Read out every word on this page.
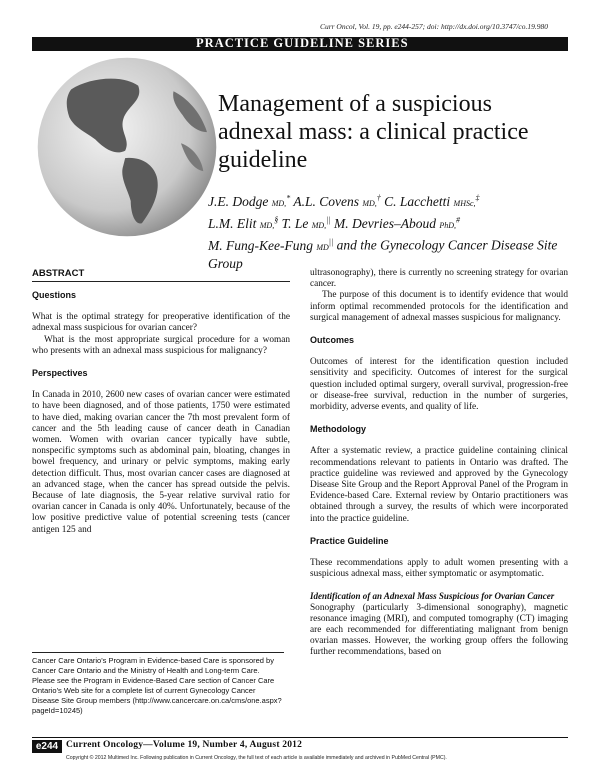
Curr Oncol, Vol. 19, pp. e244-257; doi: http://dx.doi.org/10.3747/co.19.980
PRACTICE GUIDELINE SERIES
Management of a suspicious adnexal mass: a clinical practice guideline
J.E. Dodge MD,* A.L. Covens MD,† C. Lacchetti MHSc,‡
L.M. Elit MD,§ T. Le MD,|| M. Devries–Aboud PhD,#
M. Fung-Kee-Fung MD|| and the Gynecology Cancer Disease Site Group
ABSTRACT

Questions

What is the optimal strategy for preoperative identification of the adnexal mass suspicious for ovarian cancer?

What is the most appropriate surgical procedure for a woman who presents with an adnexal mass suspicious for malignancy?

Perspectives

In Canada in 2010, 2600 new cases of ovarian cancer were estimated to have been diagnosed, and of those patients, 1750 were estimated to have died, making ovarian cancer the 7th most prevalent form of cancer and the 5th leading cause of cancer death in Canadian women. Women with ovarian cancer typically have subtle, nonspecific symptoms such as abdominal pain, bloating, changes in bowel frequency, and urinary or pelvic symptoms, making early detection difficult. Thus, most ovarian cancer cases are diagnosed at an advanced stage, when the cancer has spread outside the pelvis. Because of late diagnosis, the 5-year relative survival ratio for ovarian cancer in Canada is only 40%. Unfortunately, because of the low positive predictive value of potential screening tests (cancer antigen 125 and

Cancer Care Ontario's Program in Evidence-based Care is sponsored by Cancer Care Ontario and the Ministry of Health and Long-term Care. Please see the Program in Evidence-Based Care section of Cancer Care Ontario's Web site for a complete list of current Gynecology Cancer Disease Site Group members (http://www.cancercare.on.ca/cms/one.aspx?pageId=10245)

ultrasonography), there is currently no screening strategy for ovarian cancer.

The purpose of this document is to identify evidence that would inform optimal recommended protocols for the identification and surgical management of adnexal masses suspicious for malignancy.

Outcomes

Outcomes of interest for the identification question included sensitivity and specificity. Outcomes of interest for the surgical question included optimal surgery, overall survival, progression-free or disease-free survival, reduction in the number of surgeries, morbidity, adverse events, and quality of life.

Methodology

After a systematic review, a practice guideline containing clinical recommendations relevant to patients in Ontario was drafted. The practice guideline was reviewed and approved by the Gynecology Disease Site Group and the Report Approval Panel of the Program in Evidence-based Care. External review by Ontario practitioners was obtained through a survey, the results of which were incorporated into the practice guideline.

Practice Guideline

These recommendations apply to adult women presenting with a suspicious adnexal mass, either symptomatic or asymptomatic.

Identification of an Adnexal Mass Suspicious for Ovarian Cancer

Sonography (particularly 3-dimensional sonography), magnetic resonance imaging (MRI), and computed tomography (CT) imaging are each recommended for differentiating malignant from benign ovarian masses. However, the working group offers the following further recommendations, based on

e244 Current Oncology—Volume 19, Number 4, August 2012
Copyright © 2012 Multimed Inc. Following publication in Current Oncology, the full text of each article is available immediately and archived in PubMed Central (PMC).
